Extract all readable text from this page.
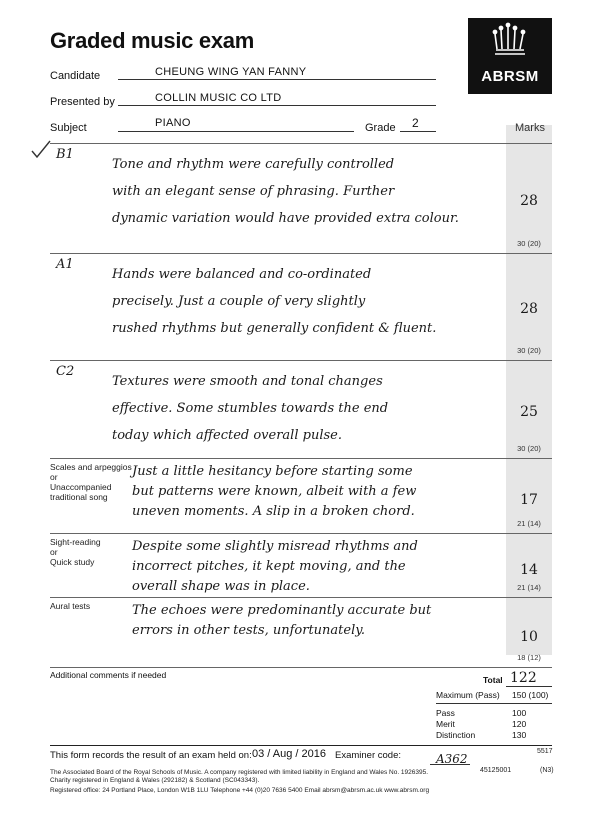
Graded music exam
ABRSM
Candidate	CHEUNG WING YAN FANNY
Presented by	COLLIN MUSIC CO LTD
Subject	PIANO	Grade 2	Marks
B1
Tone and rhythm were carefully controlled
with an elegant sense of phrasing. Further
dynamic variation would have provided extra colour.
28
30 (20)
A1
Hands were balanced and co-ordinated
precisely. Just a couple of very slightly
rushed rhythms but generally confident & fluent.
28
30 (20)
C2
Textures were smooth and tonal changes
effective. Some stumbles towards the end
today which affected overall pulse.
25
30 (20)
Scales and arpeggios
or
Unaccompanied
traditional song
Just a little hesitancy before starting some
but patterns were known, albeit with a few
uneven moments. A slip in a broken chord.
17
21 (14)
Sight-reading
or
Quick study
Despite some slightly misread rhythms and
incorrect pitches, it kept moving, and the
overall shape was in place.
14
21 (14)
Aural tests	The echoes were predominantly accurate but
errors in other tests, unfortunately.	10
18 (12)
Additional comments if needed	Total 122
Maximum (Pass) 150 (100)
Pass	100
Merit	120
Distinction	130
This form records the result of an exam held on: 03 / Aug / 2016 Examiner code:	A362
5517
45125001	(N3)
The Associated Board of the Royal Schools of Music. A company registered with limited liability in England and Wales No. 1926395.
Charity registered in England & Wales (292182) & Scotland (SC043343).
Registered office: 24 Portland Place, London W1B 1LU Telephone +44 (0)20 7636 5400 Email abrsm@abrsm.ac.uk www.abrsm.org
